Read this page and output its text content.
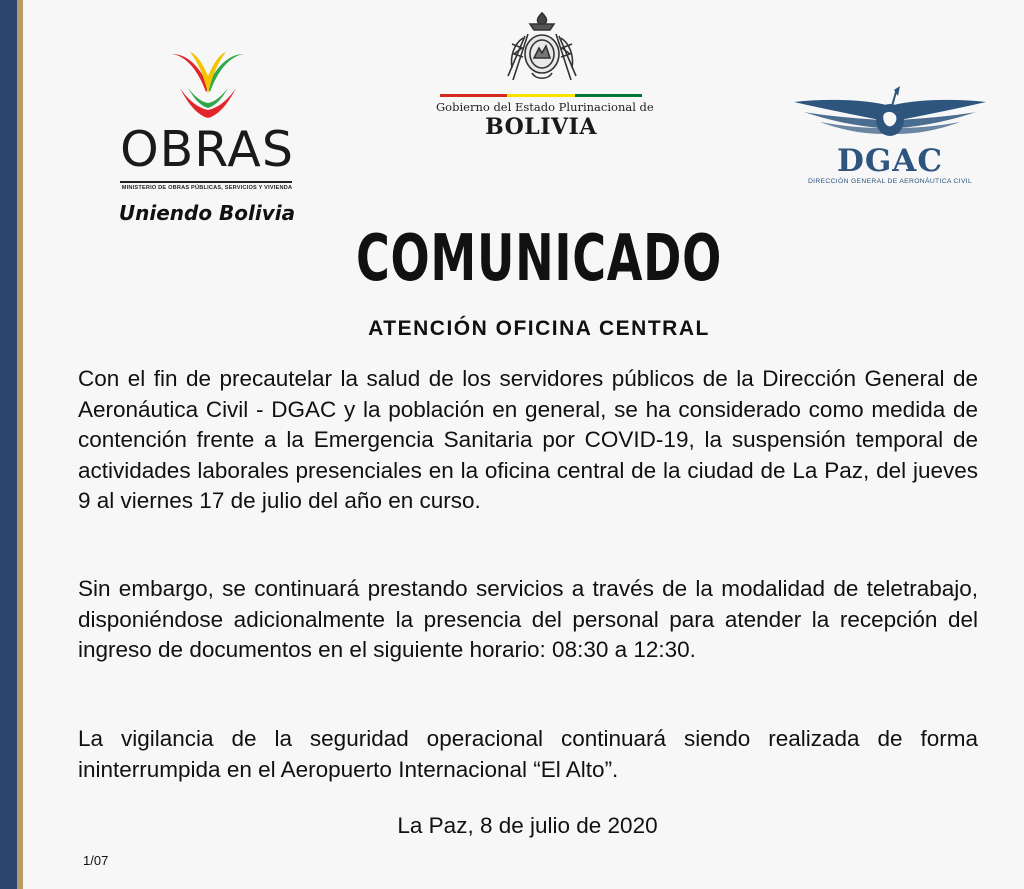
OBRAS
MINISTERIO DE OBRAS PÚBLICAS, SERVICIOS Y VIVIENDA
Uniendo Bolivia
Gobierno del Estado Plurinacional de
BOLIVIA
DGAC
DIRECCIÓN GENERAL DE AERONÁUTICA CIVIL
COMUNICADO
ATENCIÓN OFICINA CENTRAL

Con el fin de precautelar la salud de los servidores públicos de la Dirección General de Aeronáutica Civil - DGAC y la población en general, se ha considerado como medida de contención frente a la Emergencia Sanitaria por COVID-19, la suspensión temporal de actividades laborales presenciales en la oficina central de la ciudad de La Paz, del jueves 9 al viernes 17 de julio del año en curso.

Sin embargo, se continuará prestando servicios a través de la modalidad de teletrabajo, disponiéndose adicionalmente la presencia del personal para atender la recepción del ingreso de documentos en el siguiente horario: 08:30 a 12:30.

La vigilancia de la seguridad operacional continuará siendo realizada de forma ininterrumpida en el Aeropuerto Internacional “El Alto”.

La Paz, 8 de julio de 2020
1/07
